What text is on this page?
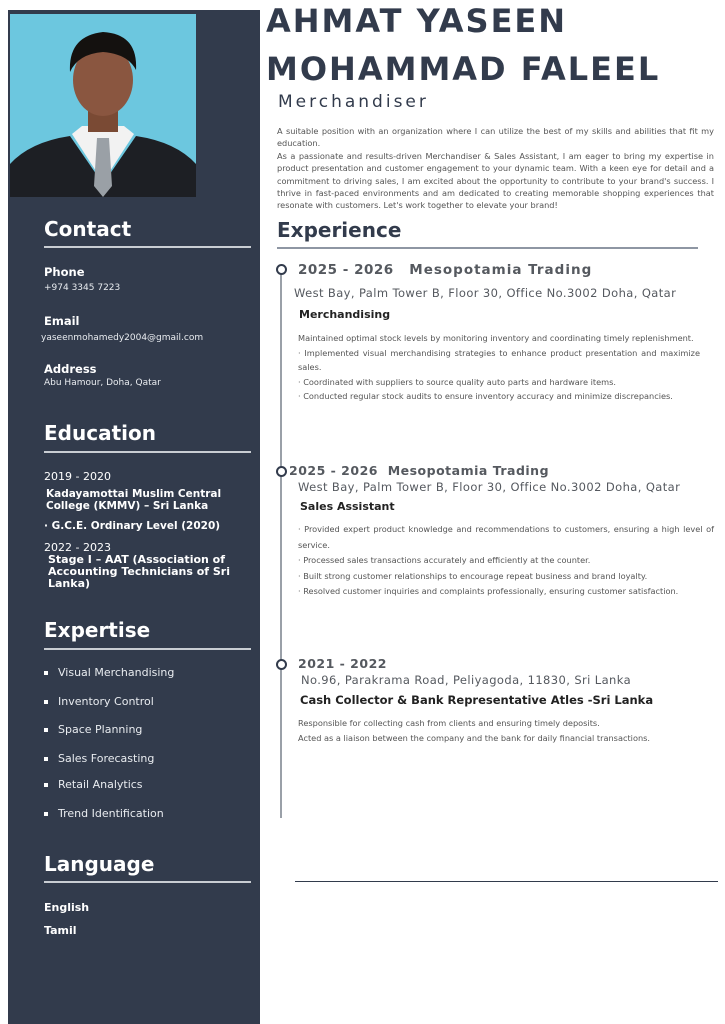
Contact
Phone
+974 3345 7223
Email
yaseenmohamedy2004@gmail.com
Address
Abu Hamour, Doha, Qatar
Education
2019 - 2020
Kadayamottai Muslim Central College (KMMV) – Sri Lanka
· G.C.E. Ordinary Level (2020)
2022 - 2023
Stage I – AAT (Association of Accounting Technicians of Sri Lanka)
Expertise
Visual Merchandising
Inventory Control
Space Planning
Sales Forecasting
Retail Analytics
Trend Identification
Language
English
Tamil
AHMAT YASEEN
MOHAMMAD FALEEL
Merchandiser
A suitable position with an organization where I can utilize the best of my skills and abilities that fit my education.
As a passionate and results-driven Merchandiser & Sales Assistant, I am eager to bring my expertise in product presentation and customer engagement to your dynamic team. With a keen eye for detail and a commitment to driving sales, I am excited about the opportunity to contribute to your brand's success. I thrive in fast-paced environments and am dedicated to creating memorable shopping experiences that resonate with customers. Let's work together to elevate your brand!
Experience
2025 - 2026 Mesopotamia Trading
West Bay, Palm Tower B, Floor 30, Office No.3002 Doha, Qatar
Merchandising
Maintained optimal stock levels by monitoring inventory and coordinating timely replenishment.
· Implemented visual merchandising strategies to enhance product presentation and maximize sales.
· Coordinated with suppliers to source quality auto parts and hardware items.
· Conducted regular stock audits to ensure inventory accuracy and minimize discrepancies.
2025 - 2026 Mesopotamia Trading
West Bay, Palm Tower B, Floor 30, Office No.3002 Doha, Qatar
Sales Assistant
· Provided expert product knowledge and recommendations to customers, ensuring a high level of service.
· Processed sales transactions accurately and efficiently at the counter.
· Built strong customer relationships to encourage repeat business and brand loyalty.
· Resolved customer inquiries and complaints professionally, ensuring customer satisfaction.
2021 - 2022
No.96, Parakrama Road, Peliyagoda, 11830, Sri Lanka
Cash Collector & Bank Representative Atles -Sri Lanka
Responsible for collecting cash from clients and ensuring timely deposits.
Acted as a liaison between the company and the bank for daily financial transactions.
